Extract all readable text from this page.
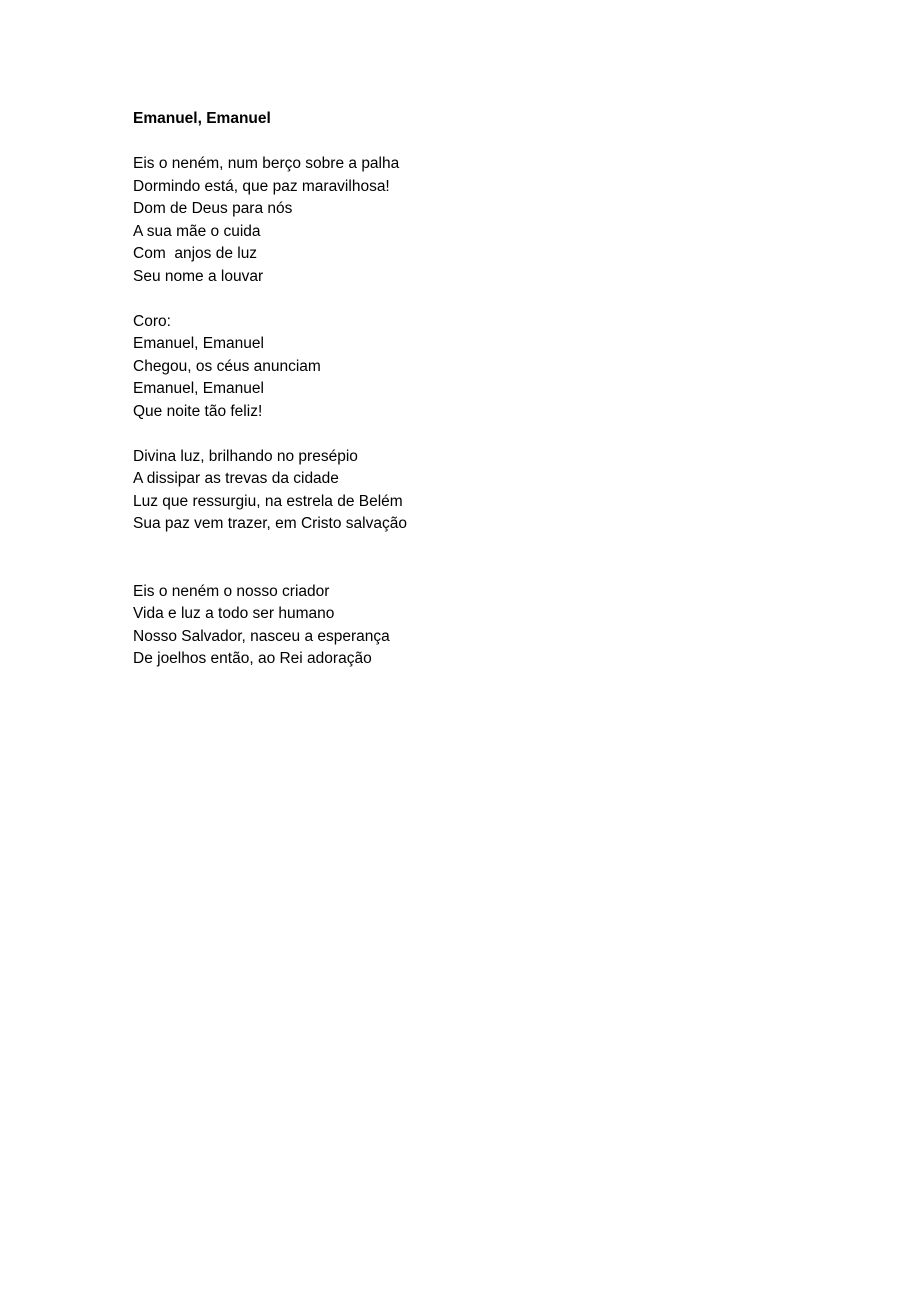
Emanuel, Emanuel
Eis o neném, num berço sobre a palha
Dormindo está, que paz maravilhosa!
Dom de Deus para nós
A sua mãe o cuida
Com  anjos de luz
Seu nome a louvar
Coro:
Emanuel, Emanuel
Chegou, os céus anunciam
Emanuel, Emanuel
Que noite tão feliz!
Divina luz, brilhando no presépio
A dissipar as trevas da cidade
Luz que ressurgiu, na estrela de Belém
Sua paz vem trazer, em Cristo salvação
Eis o neném o nosso criador
Vida e luz a todo ser humano
Nosso Salvador, nasceu a esperança
De joelhos então, ao Rei adoração
